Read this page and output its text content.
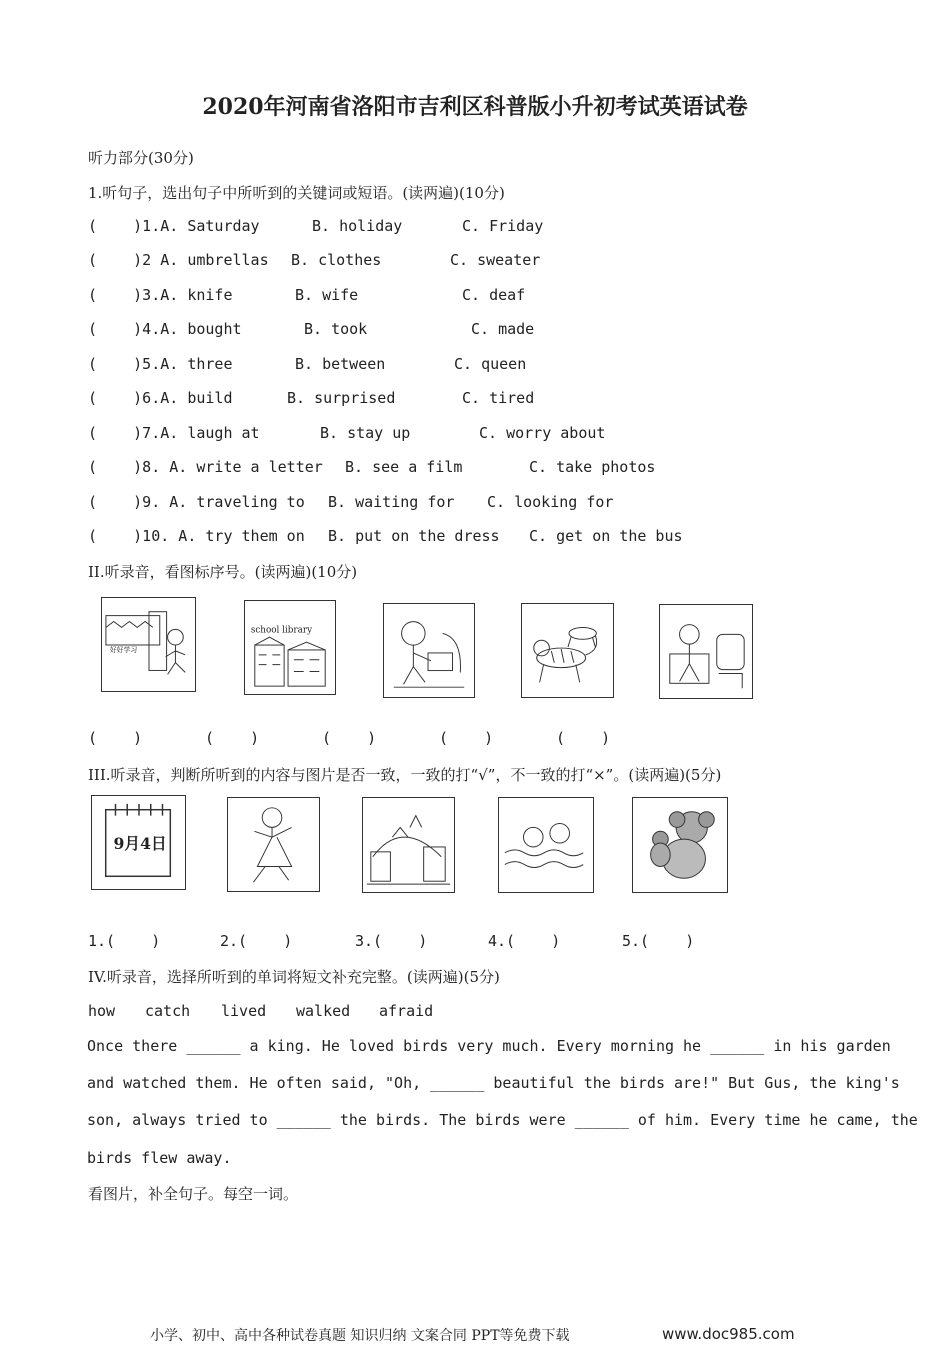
2020年河南省洛阳市吉利区科普版小升初考试英语试卷
听力部分(30分)
1.听句子，选出句子中所听到的关键词或短语。(读两遍)(10分)
(    )1.A. Saturday	B. holiday	C. Friday
(    )2 A. umbrellas B. clothes	C. sweater
(    )3.A. knife	B. wife	C. deaf
(    )4.A. bought	B. took	C. made
(    )5.A. three	B. between	C. queen
(    )6.A. build	B. surprised	C. tired
(    )7.A. laugh at	B. stay up	C. worry about
(    )8. A. write a letter B. see a film	C. take photos
(    )9. A. traveling to B. waiting for C. looking for
(    )10. A. try them on B. put on the dress C. get on the bus
II.听录音，看图标序号。(读两遍)(10分)
好好学习
school library
(    )	(    )	(    )	(    )	(    )
III.听录音，判断所听到的内容与图片是否一致，一致的打“√”，不一致的打“×”。(读两遍)(5分)
9月4日
1.(    )	2.(    )	3.(    )	4.(    )	5.(    )
IV.听录音，选择所听到的单词将短文补充完整。(读两遍)(5分)
how catch lived walked afraid
Once there ______ a king. He loved birds very much. Every morning he ______ in his garden
and watched them. He often said, "Oh, ______ beautiful the birds are!" But Gus, the king's
son, always tried to ______ the birds. The birds were ______ of him. Every time he came, the
birds flew away.
看图片，补全句子。每空一词。
小学、初中、高中各种试卷真题 知识归纳 文案合同 PPT等免费下载	www.doc985.com
